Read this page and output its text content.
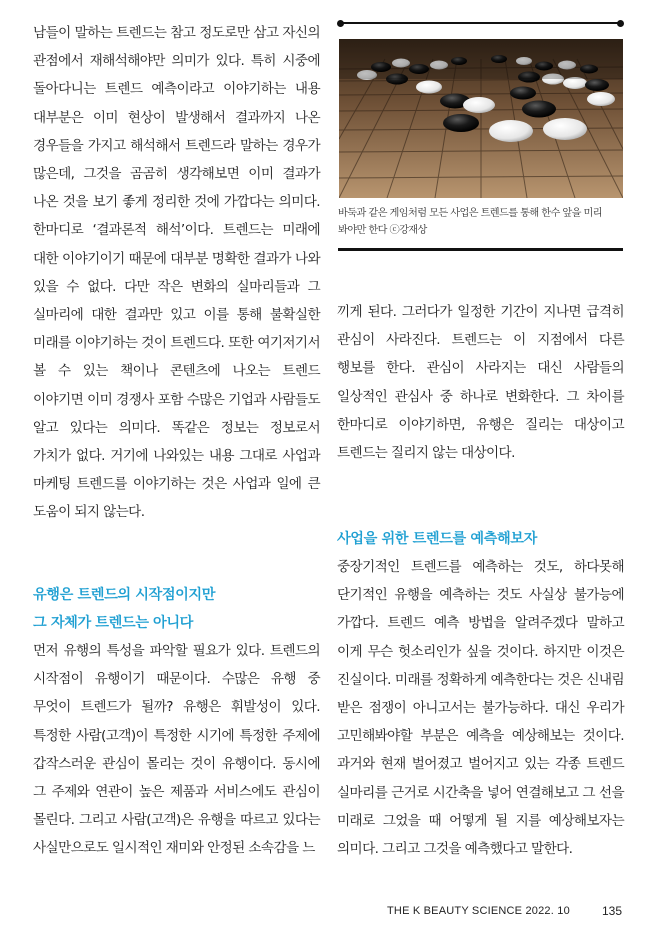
남들이 말하는 트렌드는 참고 정도로만 삼고 자신의 관점에서 재해석해야만 의미가 있다. 특히 시중에 돌아다니는 트렌드 예측이라고 이야기하는 내용 대부분은 이미 현상이 발생해서 결과까지 나온 경우들을 가지고 해석해서 트렌드라 말하는 경우가 많은데, 그것을 곰곰히 생각해보면 이미 결과가 나온 것을 보기 좋게 정리한 것에 가깝다는 의미다. 한마디로 ‘결과론적 해석’이다. 트렌드는 미래에 대한 이야기이기 때문에 대부분 명확한 결과가 나와 있을 수 없다. 다만 작은 변화의 실마리들과 그 실마리에 대한 결과만 있고 이를 통해 불확실한 미래를 이야기하는 것이 트렌드다. 또한 여기저기서 볼 수 있는 책이나 콘텐츠에 나오는 트렌드 이야기면 이미 경쟁사 포함 수많은 기업과 사람들도 알고 있다는 의미다. 똑같은 정보는 정보로서 가치가 없다. 거기에 나와있는 내용 그대로 사업과 마케팅 트렌드를 이야기하는 것은 사업과 일에 큰 도움이 되지 않는다.

유행은 트렌드의 시작점이지만

그 자체가 트렌드는 아니다

먼저 유행의 특성을 파악할 필요가 있다. 트렌드의 시작점이 유행이기 때문이다. 수많은 유행 중 무엇이 트렌드가 될까? 유행은 휘발성이 있다. 특정한 사람(고객)이 특정한 시기에 특정한 주제에 갑작스러운 관심이 몰리는 것이 유행이다. 동시에 그 주제와 연관이 높은 제품과 서비스에도 관심이 몰린다. 그리고 사람(고객)은 유행을 따르고 있다는 사실만으로도 일시적인 재미와 안정된 소속감을 느

바둑과 같은 게임처럼 모든 사업은 트렌드를 통해 한수 앞을 미리 봐야만 한다 ⓒ강재상

끼게 된다. 그러다가 일정한 기간이 지나면 급격히 관심이 사라진다. 트렌드는 이 지점에서 다른 행보를 한다. 관심이 사라지는 대신 사람들의 일상적인 관심사 중 하나로 변화한다. 그 차이를 한마디로 이야기하면, 유행은 질리는 대상이고 트렌드는 질리지 않는 대상이다.

사업을 위한 트렌드를 예측해보자

중장기적인 트렌드를 예측하는 것도, 하다못해 단기적인 유행을 예측하는 것도 사실상 불가능에 가깝다. 트렌드 예측 방법을 알려주겠다 말하고 이게 무슨 헛소리인가 싶을 것이다. 하지만 이것은 진실이다. 미래를 정확하게 예측한다는 것은 신내림 받은 점쟁이 아니고서는 불가능하다. 대신 우리가 고민해봐야할 부분은 예측을 예상해보는 것이다. 과거와 현재 벌어졌고 벌어지고 있는 각종 트렌드 실마리를 근거로 시간축을 넣어 연결해보고 그 선을 미래로 그었을 때 어떻게 될 지를 예상해보자는 의미다. 그리고 그것을 예측했다고 말한다.

THE K BEAUTY SCIENCE 2022. 10	135
